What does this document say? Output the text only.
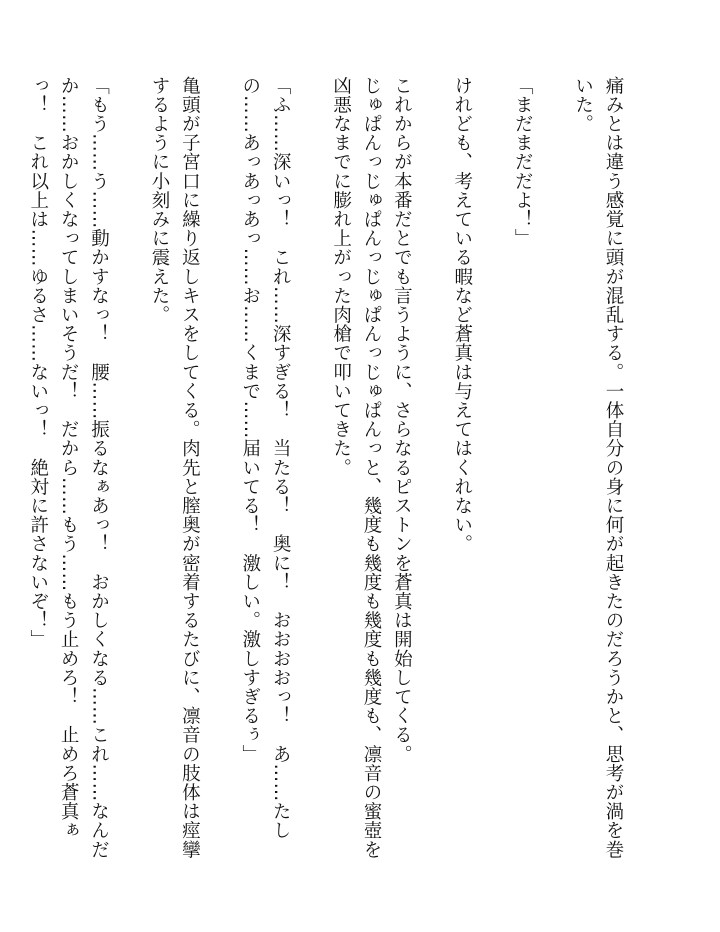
痛みとは違う感覚に頭が混乱する。一体自分の身に何が起きたのだろうかと、思考が渦を巻いた。

「まだまだだよ！」

けれども、考えている暇など蒼真は与えてはくれない。

これからが本番だとでも言うように、さらなるピストンを蒼真は開始してくる。

じゅぱんっじゅぱんっじゅぱんっじゅぱんっと、幾度も幾度も幾度も幾度も、凛音の蜜壺を凶悪なまでに膨れ上がった肉槍で叩いてきた。

「ふ……深いっ！　これ……深すぎる！　当たる！　奥に！　おおおおっ！　あ……たしの……あっあっあっ……お……くまで……届いてる！　激しい。激しすぎるぅ」

亀頭が子宮口に繰り返しキスをしてくる。肉先と膣奥が密着するたびに、凛音の肢体は痙攣するように小刻みに震えた。

「もう……う……動かすなっ！　腰……振るなぁあっ！　おかしくなる……これ……なんだか……おかしくなってしまいそうだ！　だから……もう……もう止めろ！　止めろ蒼真ぁっ！　これ以上は……ゆるさ……ないっ！　絶対に許さないぞ！」
